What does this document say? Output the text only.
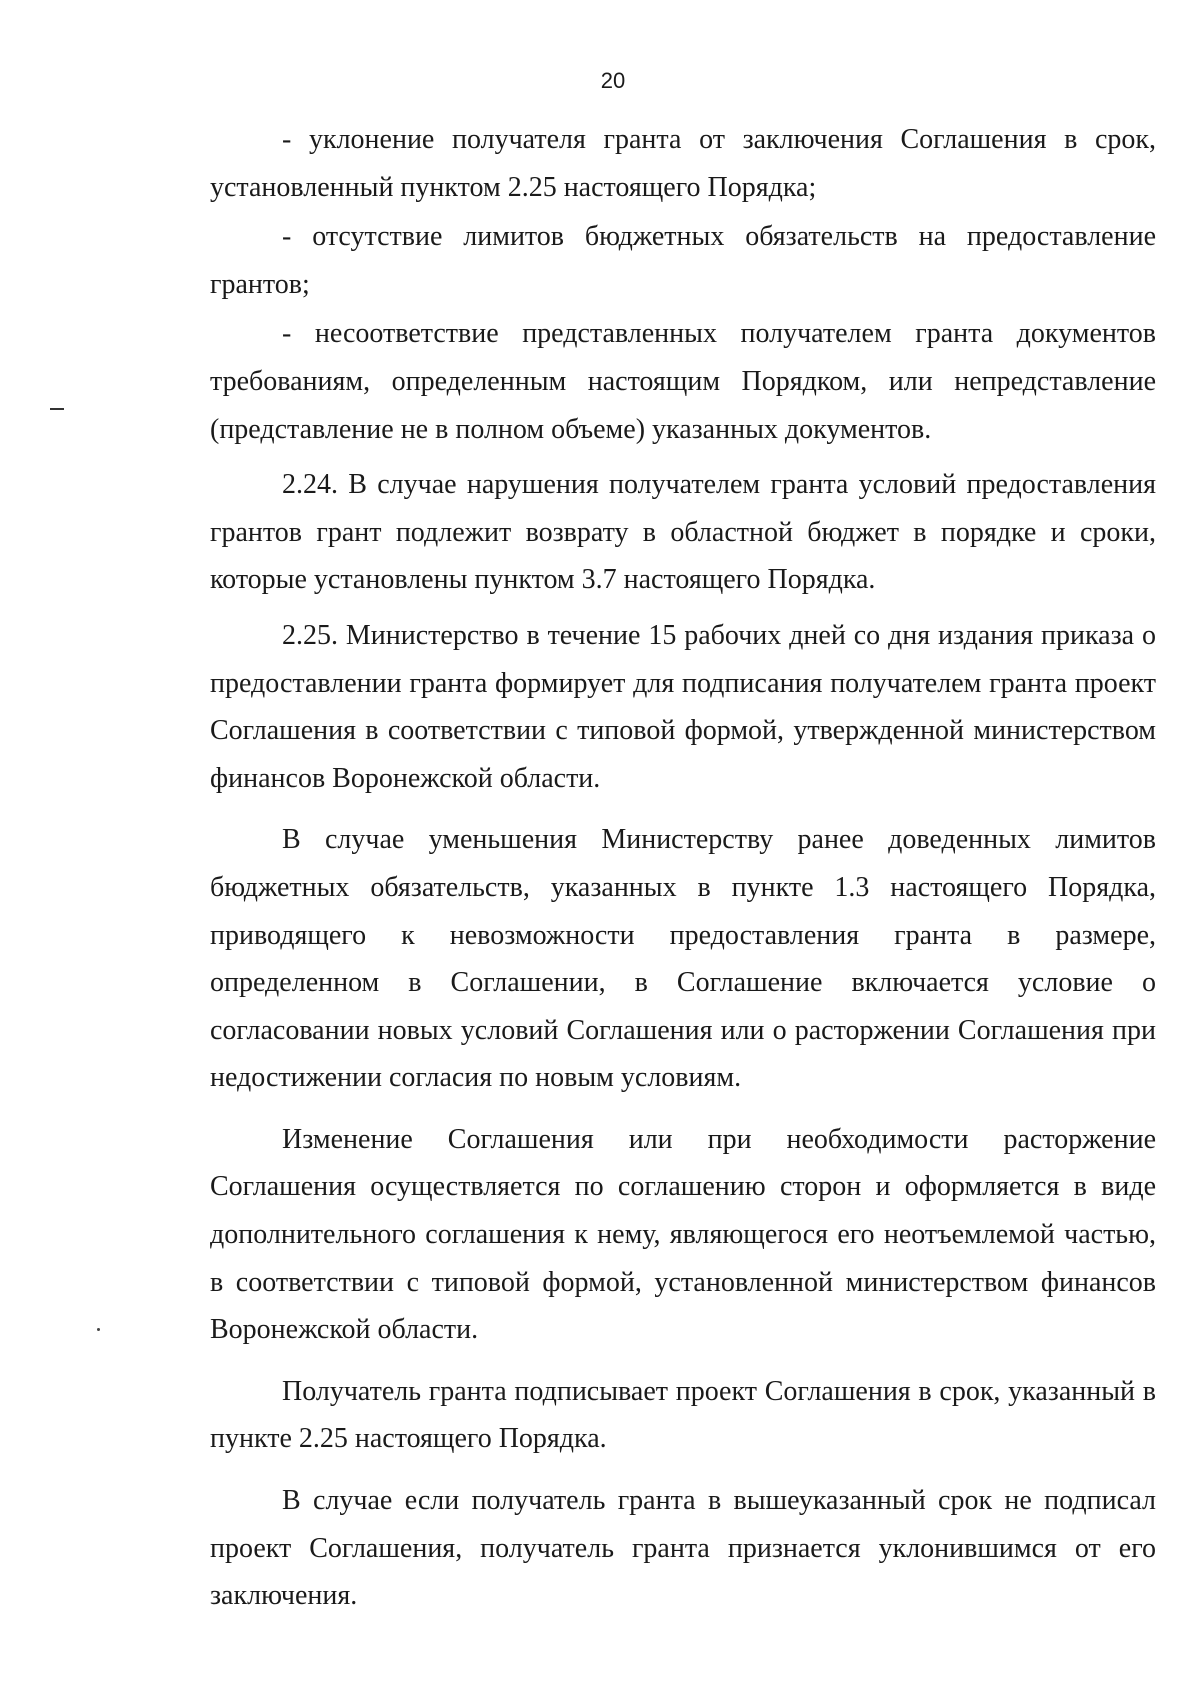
20

- уклонение получателя гранта от заключения Соглашения в срок, установленный пунктом 2.25 настоящего Порядка;

- отсутствие лимитов бюджетных обязательств на предоставление грантов;

- несоответствие представленных получателем гранта документов требованиям, определенным настоящим Порядком, или непредставление (представление не в полном объеме) указанных документов.

2.24. В случае нарушения получателем гранта условий предоставления грантов грант подлежит возврату в областной бюджет в порядке и сроки, которые установлены пунктом 3.7 настоящего Порядка.

2.25. Министерство в течение 15 рабочих дней со дня издания приказа о предоставлении гранта формирует для подписания получателем гранта проект Соглашения в соответствии с типовой формой, утвержденной министерством финансов Воронежской области.

В случае уменьшения Министерству ранее доведенных лимитов бюджетных обязательств, указанных в пункте 1.3 настоящего Порядка, приводящего к невозможности предоставления гранта в размере, определенном в Соглашении, в Соглашение включается условие о согласовании новых условий Соглашения или о расторжении Соглашения при недостижении согласия по новым условиям.

Изменение Соглашения или при необходимости расторжение Соглашения осуществляется по соглашению сторон и оформляется в виде дополнительного соглашения к нему, являющегося его неотъемлемой частью, в соответствии с типовой формой, установленной министерством финансов Воронежской области.

Получатель гранта подписывает проект Соглашения в срок, указанный в пункте 2.25 настоящего Порядка.

В случае если получатель гранта в вышеуказанный срок не подписал проект Соглашения, получатель гранта признается уклонившимся от его заключения.
